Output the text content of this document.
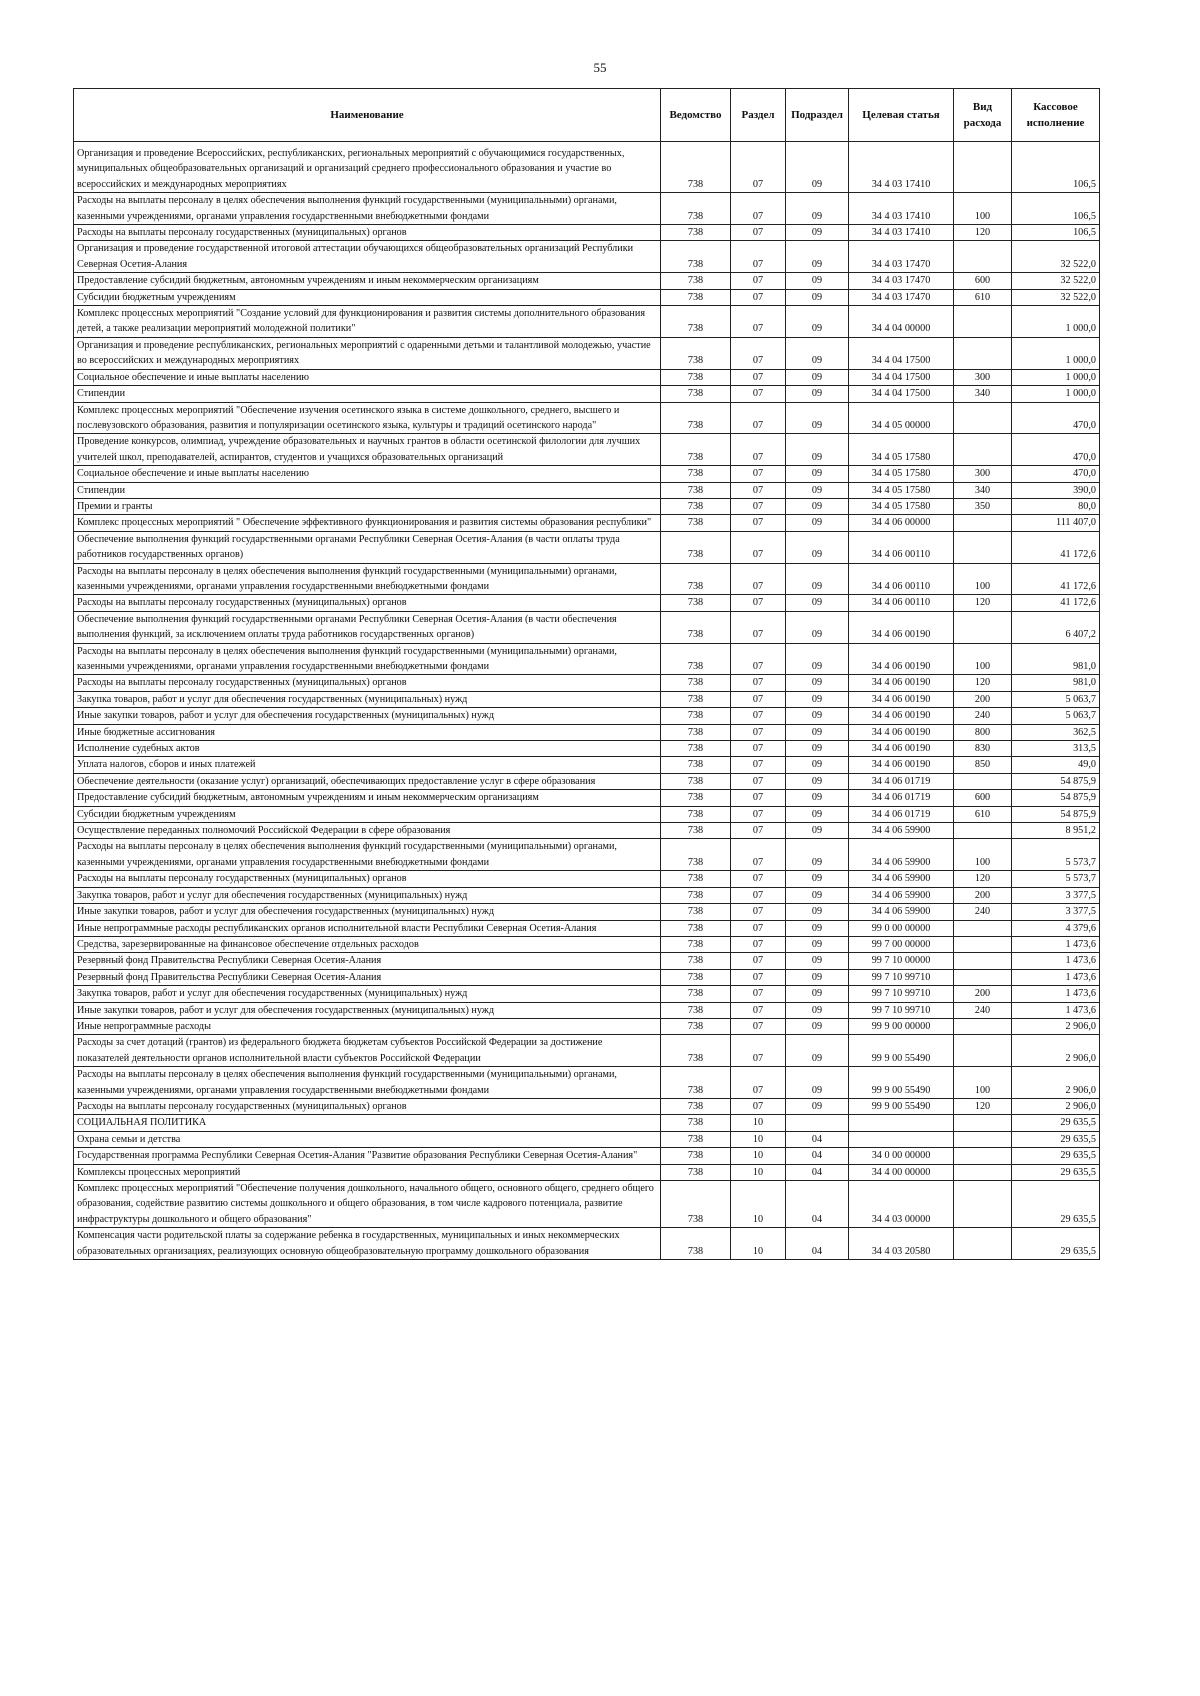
55
Наименование	Ведомство	Раздел	Подраздел	Целевая статья	Вид расхода	Кассовое исполнение
Организация и проведение Всероссийских, республиканских, региональных мероприятий с обучающимися государственных, муниципальных общеобразовательных организаций и организаций среднего профессионального образования и участие во всероссийских и международных мероприятиях	738	07	09	34 4 03 17410		106,5
Расходы на выплаты персоналу в целях обеспечения выполнения функций государственными (муниципальными) органами, казенными учреждениями, органами управления государственными внебюджетными фондами	738	07	09	34 4 03 17410	100	106,5
Расходы на выплаты персоналу государственных (муниципальных) органов	738	07	09	34 4 03 17410	120	106,5
Организация и проведение государственной итоговой аттестации обучающихся общеобразовательных организаций Республики Северная Осетия-Алания	738	07	09	34 4 03 17470		32 522,0
Предоставление субсидий бюджетным, автономным учреждениям и иным некоммерческим организациям	738	07	09	34 4 03 17470	600	32 522,0
Субсидии бюджетным учреждениям	738	07	09	34 4 03 17470	610	32 522,0
Комплекс процессных мероприятий "Создание условий для функционирования и развития системы дополнительного образования детей, а также реализации мероприятий молодежной политики"	738	07	09	34 4 04 00000		1 000,0
Организация и проведение республиканских, региональных мероприятий с одаренными детьми и талантливой молодежью, участие во всероссийских и международных мероприятиях	738	07	09	34 4 04 17500		1 000,0
Социальное обеспечение и иные выплаты населению	738	07	09	34 4 04 17500	300	1 000,0
Стипендии	738	07	09	34 4 04 17500	340	1 000,0
Комплекс процессных мероприятий "Обеспечение изучения осетинского языка в системе дошкольного, среднего, высшего и послевузовского образования, развития и популяризации осетинского языка, культуры и традиций осетинского народа"	738	07	09	34 4 05 00000		470,0
Проведение конкурсов, олимпиад, учреждение образовательных и научных грантов в области осетинской филологии для лучших учителей школ, преподавателей, аспирантов, студентов и учащихся образовательных организаций	738	07	09	34 4 05 17580		470,0
Социальное обеспечение и иные выплаты населению	738	07	09	34 4 05 17580	300	470,0
Стипендии	738	07	09	34 4 05 17580	340	390,0
Премии и гранты	738	07	09	34 4 05 17580	350	80,0
Комплекс процессных мероприятий " Обеспечение эффективного функционирования и развития системы образования республики"	738	07	09	34 4 06 00000		111 407,0
Обеспечение выполнения функций государственными органами Республики Северная Осетия-Алания (в части оплаты труда работников государственных органов)	738	07	09	34 4 06 00110		41 172,6
Расходы на выплаты персоналу в целях обеспечения выполнения функций государственными (муниципальными) органами, казенными учреждениями, органами управления государственными внебюджетными фондами	738	07	09	34 4 06 00110	100	41 172,6
Расходы на выплаты персоналу государственных (муниципальных) органов	738	07	09	34 4 06 00110	120	41 172,6
Обеспечение выполнения функций государственными органами Республики Северная Осетия-Алания (в части обеспечения выполнения функций, за исключением оплаты труда работников государственных органов)	738	07	09	34 4 06 00190		6 407,2
Расходы на выплаты персоналу в целях обеспечения выполнения функций государственными (муниципальными) органами, казенными учреждениями, органами управления государственными внебюджетными фондами	738	07	09	34 4 06 00190	100	981,0
Расходы на выплаты персоналу государственных (муниципальных) органов	738	07	09	34 4 06 00190	120	981,0
Закупка товаров, работ и услуг для обеспечения государственных (муниципальных) нужд	738	07	09	34 4 06 00190	200	5 063,7
Иные закупки товаров, работ и услуг для обеспечения государственных (муниципальных) нужд	738	07	09	34 4 06 00190	240	5 063,7
Иные бюджетные ассигнования	738	07	09	34 4 06 00190	800	362,5
Исполнение судебных актов	738	07	09	34 4 06 00190	830	313,5
Уплата налогов, сборов и иных платежей	738	07	09	34 4 06 00190	850	49,0
Обеспечение деятельности (оказание услуг) организаций, обеспечивающих предоставление услуг в сфере образования	738	07	09	34 4 06 01719		54 875,9
Предоставление субсидий бюджетным, автономным учреждениям и иным некоммерческим организациям	738	07	09	34 4 06 01719	600	54 875,9
Субсидии бюджетным учреждениям	738	07	09	34 4 06 01719	610	54 875,9
Осуществление переданных полномочий Российской Федерации в сфере образования	738	07	09	34 4 06 59900		8 951,2
Расходы на выплаты персоналу в целях обеспечения выполнения функций государственными (муниципальными) органами, казенными учреждениями, органами управления государственными внебюджетными фондами	738	07	09	34 4 06 59900	100	5 573,7
Расходы на выплаты персоналу государственных (муниципальных) органов	738	07	09	34 4 06 59900	120	5 573,7
Закупка товаров, работ и услуг для обеспечения государственных (муниципальных) нужд	738	07	09	34 4 06 59900	200	3 377,5
Иные закупки товаров, работ и услуг для обеспечения государственных (муниципальных) нужд	738	07	09	34 4 06 59900	240	3 377,5
Иные непрограммные расходы республиканских органов исполнительной власти Республики Северная Осетия-Алания	738	07	09	99 0 00 00000		4 379,6
Средства, зарезервированные на финансовое обеспечение отдельных расходов	738	07	09	99 7 00 00000		1 473,6
Резервный фонд Правительства Республики Северная Осетия-Алания	738	07	09	99 7 10 00000		1 473,6
Резервный фонд Правительства Республики Северная Осетия-Алания	738	07	09	99 7 10 99710		1 473,6
Закупка товаров, работ и услуг для обеспечения государственных (муниципальных) нужд	738	07	09	99 7 10 99710	200	1 473,6
Иные закупки товаров, работ и услуг для обеспечения государственных (муниципальных) нужд	738	07	09	99 7 10 99710	240	1 473,6
Иные непрограммные расходы	738	07	09	99 9 00 00000		2 906,0
Расходы за счет дотаций (грантов) из федерального бюджета бюджетам субъектов Российской Федерации за достижение показателей деятельности органов исполнительной власти субъектов Российской Федерации	738	07	09	99 9 00 55490		2 906,0
Расходы на выплаты персоналу в целях обеспечения выполнения функций государственными (муниципальными) органами, казенными учреждениями, органами управления государственными внебюджетными фондами	738	07	09	99 9 00 55490	100	2 906,0
Расходы на выплаты персоналу государственных (муниципальных) органов	738	07	09	99 9 00 55490	120	2 906,0
СОЦИАЛЬНАЯ ПОЛИТИКА	738	10				29 635,5
Охрана семьи и детства	738	10	04			29 635,5
Государственная программа Республики Северная Осетия-Алания "Развитие образования Республики Северная Осетия-Алания"	738	10	04	34 0 00 00000		29 635,5
Комплексы процессных мероприятий	738	10	04	34 4 00 00000		29 635,5
Комплекс процессных мероприятий "Обеспечение получения дошкольного, начального общего, основного общего, среднего общего образования, содействие развитию системы дошкольного и общего образования, в том числе кадрового потенциала, развитие инфраструктуры дошкольного и общего образования"	738	10	04	34 4 03 00000		29 635,5
Компенсация части родительской платы за содержание ребенка в государственных, муниципальных и иных некоммерческих образовательных организациях, реализующих основную общеобразовательную программу дошкольного образования	738	10	04	34 4 03 20580		29 635,5
